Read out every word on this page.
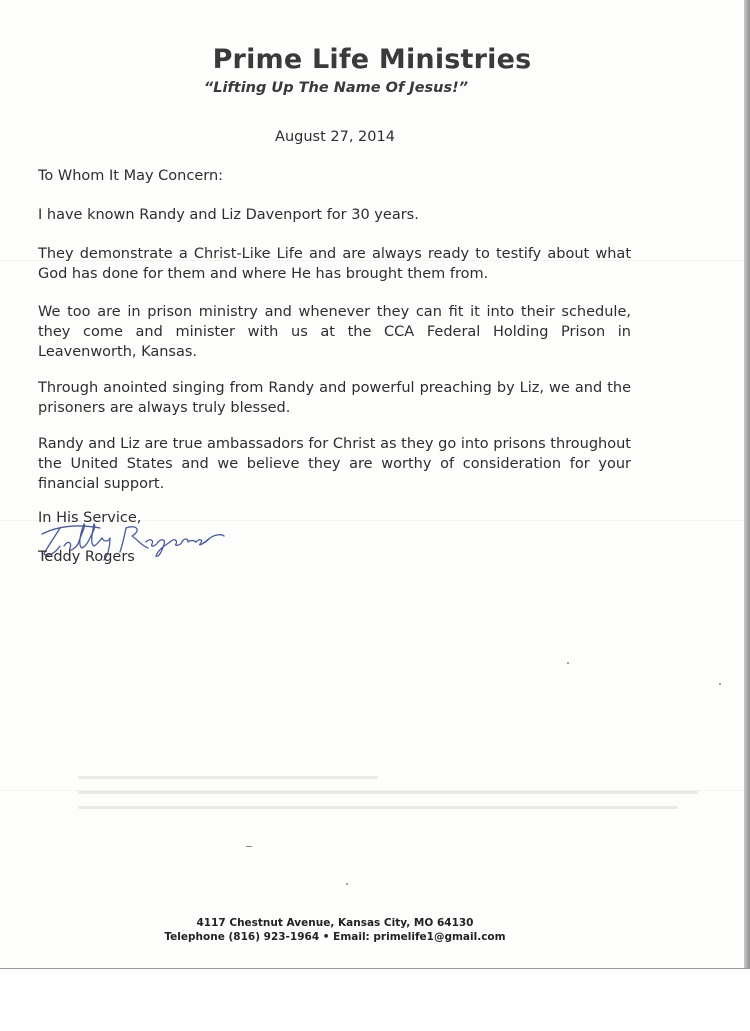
Prime Life Ministries
“Lifting Up The Name Of Jesus!”
August 27, 2014

To Whom It May Concern:

I have known Randy and Liz Davenport for 30 years.

They demonstrate a Christ-Like Life and are always ready to testify about what God has done for them and where He has brought them from.

We too are in prison ministry and whenever they can fit it into their schedule, they come and minister with us at the CCA Federal Holding Prison in Leavenworth, Kansas.

Through anointed singing from Randy and powerful preaching by Liz, we and the prisoners are always truly blessed.

Randy and Liz are true ambassadors for Christ as they go into prisons throughout the United States and we believe they are worthy of consideration for your financial support.

In His Service,
Teddy Rogers
4117 Chestnut Avenue, Kansas City, MO 64130
Telephone (816) 923-1964 • Email: primelife1@gmail.com
